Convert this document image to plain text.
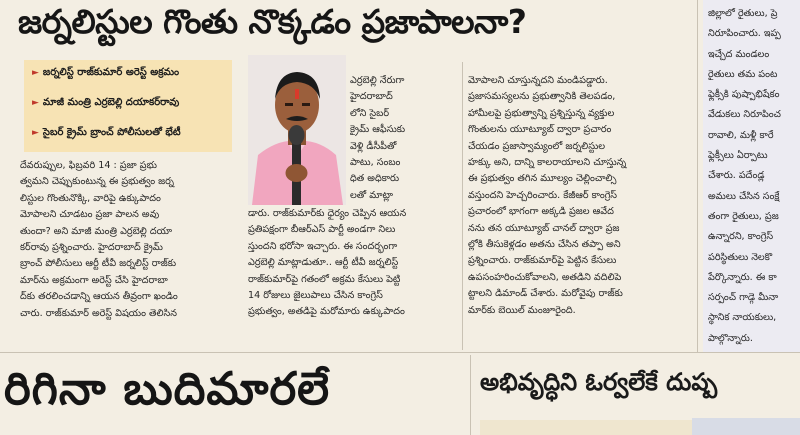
జర్నలిస్టుల గొంతు నొక్కడం ప్రజాపాలనా?
► జర్నలిస్ట్ రాజ్‌కుమార్ అరెస్ట్ అక్రమం
► మాజీ మంత్రి ఎర్రబెల్లి దయాకర్‌రావు
► సైబర్ క్రైమ్ బ్రాంచ్ పోలీసులతో భేటీ
దేవరుప్పుల, ఫిబ్రవరి 14 : ప్రజా ప్రభు
త్వమని చెప్పుకుంటున్న ఈ ప్రభుత్వం జర్న
లిస్టుల గొంతునొక్కి, వారిపై ఉక్కుపాదం
మోపాలని చూడటం ప్రజా పాలన అవు
తుందా? అని మాజీ మంత్రి ఎర్రబెల్లి దయా
కర్‌రావు ప్రశ్నించారు. హైదరాబాద్ క్రైమ్
బ్రాంచ్ పోలీసులు ఆర్టీ టీవీ జర్నలిస్ట్ రాజ్‌కు
మార్‌ను అక్రమంగా అరెస్ట్ చేసి హైదరాబా
ద్‌కు తరలించడాన్ని ఆయన తీవ్రంగా ఖండిం
చారు. రాజ్‌కుమార్ అరెస్ట్ విషయం తెలిసిన
ఎర్రబెల్లి నేరుగా
హైదరాబాద్
లోని సైబర్
క్రైమ్ ఆఫీసుకు
వెళ్లి డీసీపీతో
పాటు, సంబం
ధిత అధికారు
లతో మాట్లా
డారు. రాజ్‌కుమార్‌కు ధైర్యం చెప్పిన ఆయన
ప్రతిపక్షంగా బీఆర్‌ఎస్ పార్టీ అండగా నిలు
స్తుందని భరోసా ఇచ్చారు. ఈ సందర్భంగా
ఎర్రబెల్లి మాట్లాడుతూ.. ఆర్టీ టీవీ జర్నలిస్ట్
రాజ్‌కుమార్‌పై గతంలో అక్రమ కేసులు పెట్టి
14 రోజులు జైలుపాలు చేసిన కాంగ్రెస్
ప్రభుత్వం, అతడిపై మరోమారు ఉక్కుపాదం
మోపాలని చూస్తున్నదని మండిపడ్డారు.
ప్రజాసమస్యలను ప్రభుత్వానికి తెలపడం,
హామీలపై ప్రభుత్వాన్ని ప్రశ్నిస్తున్న వ్యక్తుల
గొంతులను యూట్యూబ్ ద్వారా ప్రచారం
చేయడం ప్రజాస్వామ్యంలో జర్నలిస్టుల
హక్కు అని, దాన్ని కాలరాయాలని చూస్తున్న
ఈ ప్రభుత్వం తగిన మూల్యం చెల్లించాల్సి
వస్తుందని హెచ్చరించారు. కేజీఆర్ కాంగ్రెస్
ప్రచారంలో భాగంగా అక్కడి ప్రజల ఆవేద
నను తన యూట్యూబ్ చానల్ ద్వారా ప్రజ
ల్లోకి తీసుకెళ్లడం అతను చేసిన తప్పా అని
ప్రశ్నించారు. రాజ్‌కుమార్‌పై పెట్టిన కేసులు
ఉపసంహరించుకోవాలని, అతడిని వదిలిపె
ట్టాలని డిమాండ్ చేశారు. మరోవైపు రాజ్‌కు
మార్‌కు బెయిల్ మంజూరైంది.
జిల్లాలో రైతులు, ప్రె
నిరూపించారు. ఇప్ప
ఇచ్చేద మండలం
రైతులు తమ పంట
ఫ్లెక్సీకి పుష్పాభిషేకం
వేడుకలు నిరూపించ
రావాలి, మళ్లీ కారే
ఫ్లెక్సీలు ఏర్పాటు
చేశారు. పదేండ్ల
అమలు చేసిన సంక్షే
తంగా రైతులు, ప్రజ
ఉన్నారని, కాంగ్రెస్
పరిస్థితులు నెలకొ
పేర్కొన్నారు. ఈ కా
సర్పంచ్ గాడ్గె మీనా
స్థానిక నాయకులు,
పాల్గొన్నారు.
రిగినా బుదిమారలే	అభివృద్ధిని ఓర్వలేకే దుష్ప
